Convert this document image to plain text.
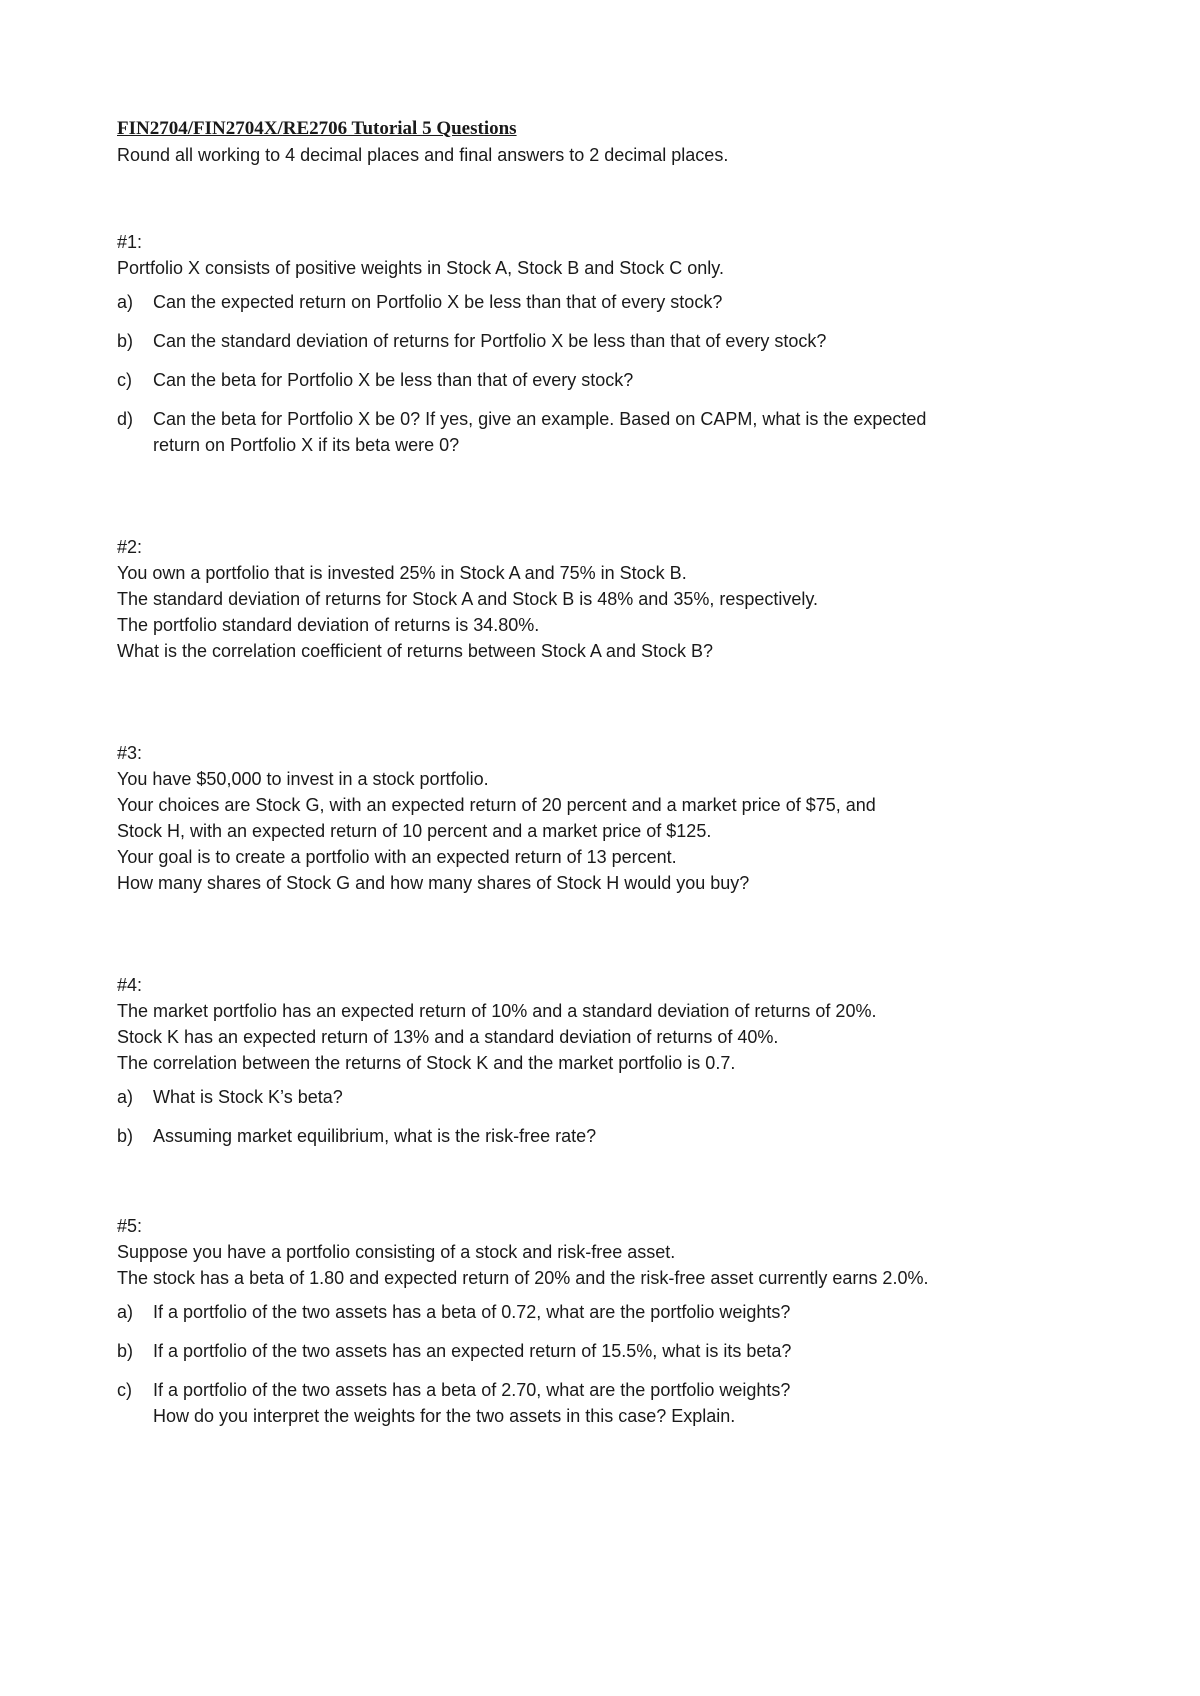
FIN2704/FIN2704X/RE2706 Tutorial 5 Questions

Round all working to 4 decimal places and final answers to 2 decimal places.

#1:

Portfolio X consists of positive weights in Stock A, Stock B and Stock C only.

a)	Can the expected return on Portfolio X be less than that of every stock?
b)	Can the standard deviation of returns for Portfolio X be less than that of every stock?
c)	Can the beta for Portfolio X be less than that of every stock?
d)	Can the beta for Portfolio X be 0? If yes, give an example. Based on CAPM, what is the expected
return on Portfolio X if its beta were 0?

#2:

You own a portfolio that is invested 25% in Stock A and 75% in Stock B.

The standard deviation of returns for Stock A and Stock B is 48% and 35%, respectively.

The portfolio standard deviation of returns is 34.80%.

What is the correlation coefficient of returns between Stock A and Stock B?

#3:

You have $50,000 to invest in a stock portfolio.

Your choices are Stock G, with an expected return of 20 percent and a market price of $75, and

Stock H, with an expected return of 10 percent and a market price of $125.

Your goal is to create a portfolio with an expected return of 13 percent.

How many shares of Stock G and how many shares of Stock H would you buy?

#4:

The market portfolio has an expected return of 10% and a standard deviation of returns of 20%.

Stock K has an expected return of 13% and a standard deviation of returns of 40%.

The correlation between the returns of Stock K and the market portfolio is 0.7.

a)	What is Stock K’s beta?
b)	Assuming market equilibrium, what is the risk-free rate?

#5:

Suppose you have a portfolio consisting of a stock and risk-free asset.

The stock has a beta of 1.80 and expected return of 20% and the risk-free asset currently earns 2.0%.

a)	If a portfolio of the two assets has a beta of 0.72, what are the portfolio weights?
b)	If a portfolio of the two assets has an expected return of 15.5%, what is its beta?
c)	If a portfolio of the two assets has a beta of 2.70, what are the portfolio weights?
How do you interpret the weights for the two assets in this case? Explain.
